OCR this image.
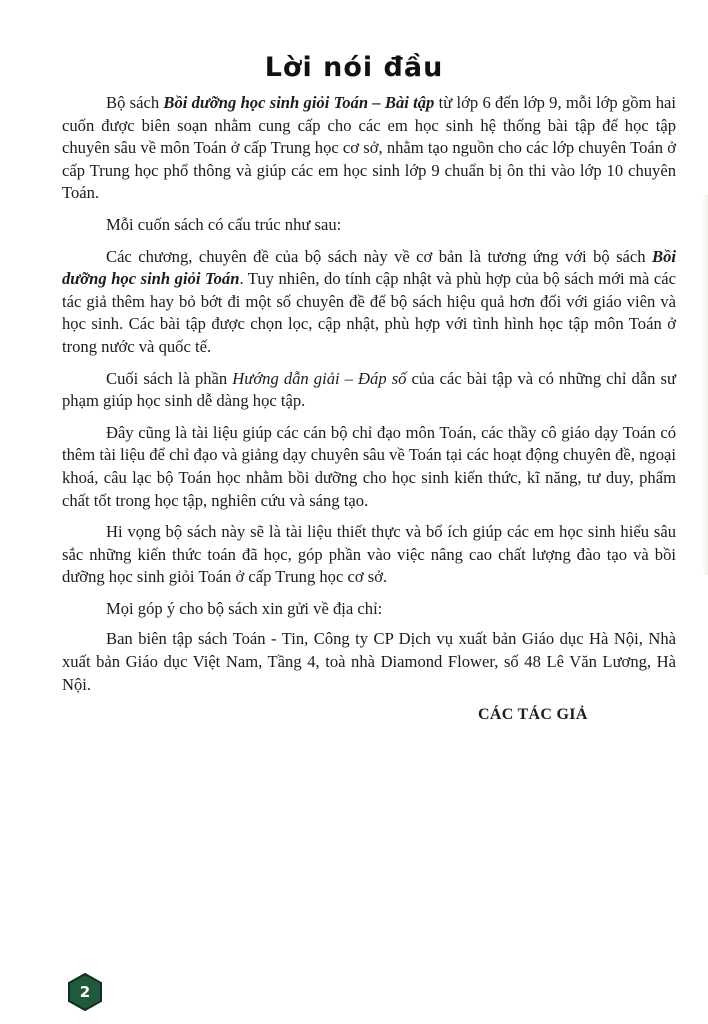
Lời nói đầu

Bộ sách Bồi dưỡng học sinh giỏi Toán – Bài tập từ lớp 6 đến lớp 9, mỗi lớp gồm hai cuốn được biên soạn nhằm cung cấp cho các em học sinh hệ thống bài tập để học tập chuyên sâu về môn Toán ở cấp Trung học cơ sở, nhằm tạo nguồn cho các lớp chuyên Toán ở cấp Trung học phổ thông và giúp các em học sinh lớp 9 chuẩn bị ôn thi vào lớp 10 chuyên Toán.

Mỗi cuốn sách có cấu trúc như sau:

Các chương, chuyên đề của bộ sách này về cơ bản là tương ứng với bộ sách Bồi dưỡng học sinh giỏi Toán. Tuy nhiên, do tính cập nhật và phù hợp của bộ sách mới mà các tác giả thêm hay bỏ bớt đi một số chuyên đề để bộ sách hiệu quả hơn đối với giáo viên và học sinh. Các bài tập được chọn lọc, cập nhật, phù hợp với tình hình học tập môn Toán ở trong nước và quốc tế.

Cuối sách là phần Hướng dẫn giải – Đáp số của các bài tập và có những chỉ dẫn sư phạm giúp học sinh dễ dàng học tập.

Đây cũng là tài liệu giúp các cán bộ chỉ đạo môn Toán, các thầy cô giáo dạy Toán có thêm tài liệu để chỉ đạo và giảng dạy chuyên sâu về Toán tại các hoạt động chuyên đề, ngoại khoá, câu lạc bộ Toán học nhằm bồi dưỡng cho học sinh kiến thức, kĩ năng, tư duy, phẩm chất tốt trong học tập, nghiên cứu và sáng tạo.

Hi vọng bộ sách này sẽ là tài liệu thiết thực và bổ ích giúp các em học sinh hiểu sâu sắc những kiến thức toán đã học, góp phần vào việc nâng cao chất lượng đào tạo và bồi dưỡng học sinh giỏi Toán ở cấp Trung học cơ sở.

Mọi góp ý cho bộ sách xin gửi về địa chỉ:

Ban biên tập sách Toán - Tin, Công ty CP Dịch vụ xuất bản Giáo dục Hà Nội, Nhà xuất bản Giáo dục Việt Nam, Tầng 4, toà nhà Diamond Flower, số 48 Lê Văn Lương, Hà Nội.

CÁC TÁC GIẢ
2
